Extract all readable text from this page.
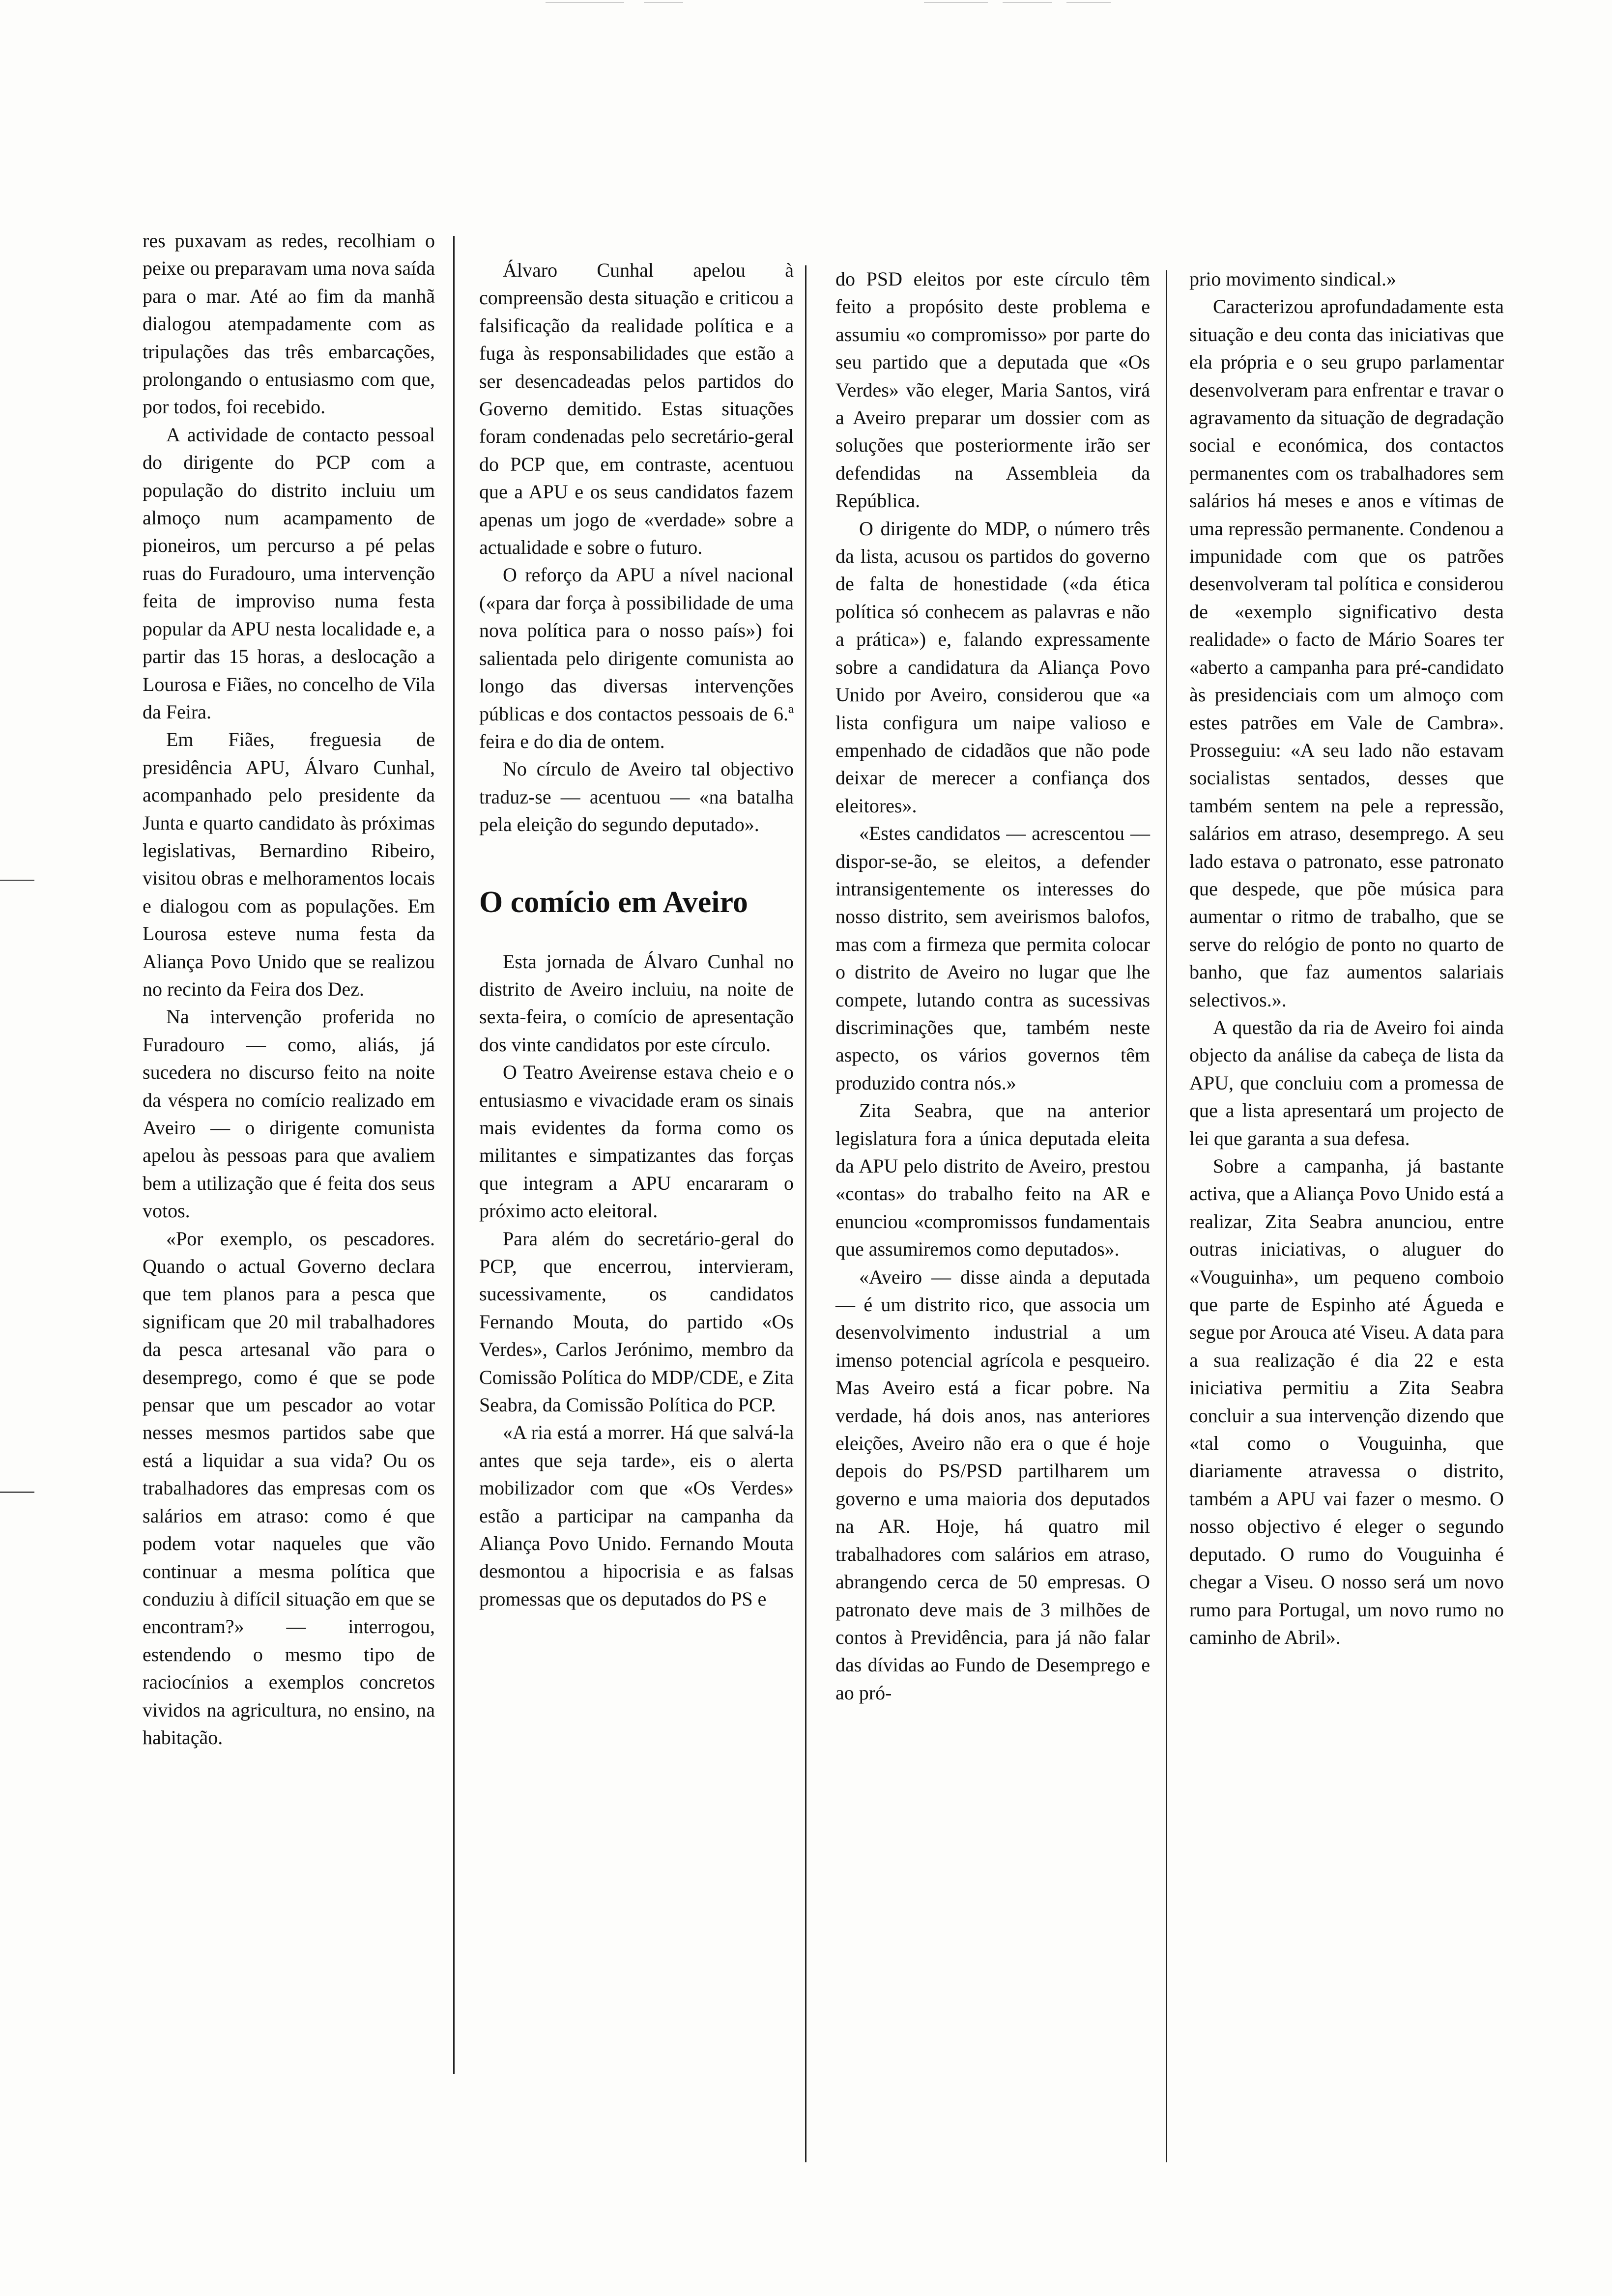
res puxavam as redes, recolhiam o peixe ou preparavam uma nova saída para o mar. Até ao fim da manhã dialogou atempadamente com as tripulações das três embarcações, prolongando o entusiasmo com que, por todos, foi recebido.

A actividade de contacto pessoal do dirigente do PCP com a população do distrito incluiu um almoço num acampamento de pioneiros, um percurso a pé pelas ruas do Furadouro, uma intervenção feita de improviso numa festa popular da APU nesta localidade e, a partir das 15 horas, a deslocação a Lourosa e Fiães, no concelho de Vila da Feira.

Em Fiães, freguesia de presidência APU, Álvaro Cunhal, acompanhado pelo presidente da Junta e quarto candidato às próximas legislativas, Bernardino Ribeiro, visitou obras e melhoramentos locais e dialogou com as populações. Em Lourosa esteve numa festa da Aliança Povo Unido que se realizou no recinto da Feira dos Dez.

Na intervenção proferida no Furadouro — como, aliás, já sucedera no discurso feito na noite da véspera no comício realizado em Aveiro — o dirigente comunista apelou às pessoas para que avaliem bem a utilização que é feita dos seus votos.

«Por exemplo, os pescadores. Quando o actual Governo declara que tem planos para a pesca que significam que 20 mil trabalhadores da pesca artesanal vão para o desemprego, como é que se pode pensar que um pescador ao votar nesses mesmos partidos sabe que está a liquidar a sua vida? Ou os trabalhadores das empresas com os salários em atraso: como é que podem votar naqueles que vão continuar a mesma política que conduziu à difícil situação em que se encontram?» — interrogou, estendendo o mesmo tipo de raciocínios a exemplos concretos vividos na agricultura, no ensino, na habitação.

Álvaro Cunhal apelou à compreensão desta situação e criticou a falsificação da realidade política e a fuga às responsabilidades que estão a ser desencadeadas pelos partidos do Governo demitido. Estas situações foram condenadas pelo secretário-geral do PCP que, em contraste, acentuou que a APU e os seus candidatos fazem apenas um jogo de «verdade» sobre a actualidade e sobre o futuro.

O reforço da APU a nível nacional («para dar força à possibilidade de uma nova política para o nosso país») foi salientada pelo dirigente comunista ao longo das diversas intervenções públicas e dos contactos pessoais de 6.ª feira e do dia de ontem.

No círculo de Aveiro tal objectivo traduz-se — acentuou — «na batalha pela eleição do segundo deputado».

O comício em Aveiro

Esta jornada de Álvaro Cunhal no distrito de Aveiro incluiu, na noite de sexta-feira, o comício de apresentação dos vinte candidatos por este círculo.

O Teatro Aveirense estava cheio e o entusiasmo e vivacidade eram os sinais mais evidentes da forma como os militantes e simpatizantes das forças que integram a APU encararam o próximo acto eleitoral.

Para além do secretário-geral do PCP, que encerrou, intervieram, sucessivamente, os candidatos Fernando Mouta, do partido «Os Verdes», Carlos Jerónimo, membro da Comissão Política do MDP/CDE, e Zita Seabra, da Comissão Política do PCP.

«A ria está a morrer. Há que salvá-la antes que seja tarde», eis o alerta mobilizador com que «Os Verdes» estão a participar na campanha da Aliança Povo Unido. Fernando Mouta desmontou a hipocrisia e as falsas promessas que os deputados do PS e

do PSD eleitos por este círculo têm feito a propósito deste problema e assumiu «o compromisso» por parte do seu partido que a deputada que «Os Verdes» vão eleger, Maria Santos, virá a Aveiro preparar um dossier com as soluções que posteriormente irão ser defendidas na Assembleia da República.

O dirigente do MDP, o número três da lista, acusou os partidos do governo de falta de honestidade («da ética política só conhecem as palavras e não a prática») e, falando expressamente sobre a candidatura da Aliança Povo Unido por Aveiro, considerou que «a lista configura um naipe valioso e empenhado de cidadãos que não pode deixar de merecer a confiança dos eleitores».

«Estes candidatos — acrescentou — dispor-se-ão, se eleitos, a defender intransigentemente os interesses do nosso distrito, sem aveirismos balofos, mas com a firmeza que permita colocar o distrito de Aveiro no lugar que lhe compete, lutando contra as sucessivas discriminações que, também neste aspecto, os vários governos têm produzido contra nós.»

Zita Seabra, que na anterior legislatura fora a única deputada eleita da APU pelo distrito de Aveiro, prestou «contas» do trabalho feito na AR e enunciou «compromissos fundamentais que assumiremos como deputados».

«Aveiro — disse ainda a deputada — é um distrito rico, que associa um desenvolvimento industrial a um imenso potencial agrícola e pesqueiro. Mas Aveiro está a ficar pobre. Na verdade, há dois anos, nas anteriores eleições, Aveiro não era o que é hoje depois do PS/PSD partilharem um governo e uma maioria dos deputados na AR. Hoje, há quatro mil trabalhadores com salários em atraso, abrangendo cerca de 50 empresas. O patronato deve mais de 3 milhões de contos à Previdência, para já não falar das dívidas ao Fundo de Desemprego e ao pró-

prio movimento sindical.»

Caracterizou aprofundadamente esta situação e deu conta das iniciativas que ela própria e o seu grupo parlamentar desenvolveram para enfrentar e travar o agravamento da situação de degradação social e económica, dos contactos permanentes com os trabalhadores sem salários há meses e anos e vítimas de uma repressão permanente. Condenou a impunidade com que os patrões desenvolveram tal política e considerou de «exemplo significativo desta realidade» o facto de Mário Soares ter «aberto a campanha para pré-candidato às presidenciais com um almoço com estes patrões em Vale de Cambra». Prosseguiu: «A seu lado não estavam socialistas sentados, desses que também sentem na pele a repressão, salários em atraso, desemprego. A seu lado estava o patronato, esse patronato que despede, que põe música para aumentar o ritmo de trabalho, que se serve do relógio de ponto no quarto de banho, que faz aumentos salariais selectivos.».

A questão da ria de Aveiro foi ainda objecto da análise da cabeça de lista da APU, que concluiu com a promessa de que a lista apresentará um projecto de lei que garanta a sua defesa.

Sobre a campanha, já bastante activa, que a Aliança Povo Unido está a realizar, Zita Seabra anunciou, entre outras iniciativas, o aluguer do «Vouguinha», um pequeno comboio que parte de Espinho até Águeda e segue por Arouca até Viseu. A data para a sua realização é dia 22 e esta iniciativa permitiu a Zita Seabra concluir a sua intervenção dizendo que «tal como o Vouguinha, que diariamente atravessa o distrito, também a APU vai fazer o mesmo. O nosso objectivo é eleger o segundo deputado. O rumo do Vouguinha é chegar a Viseu. O nosso será um novo rumo para Portugal, um novo rumo no caminho de Abril».
